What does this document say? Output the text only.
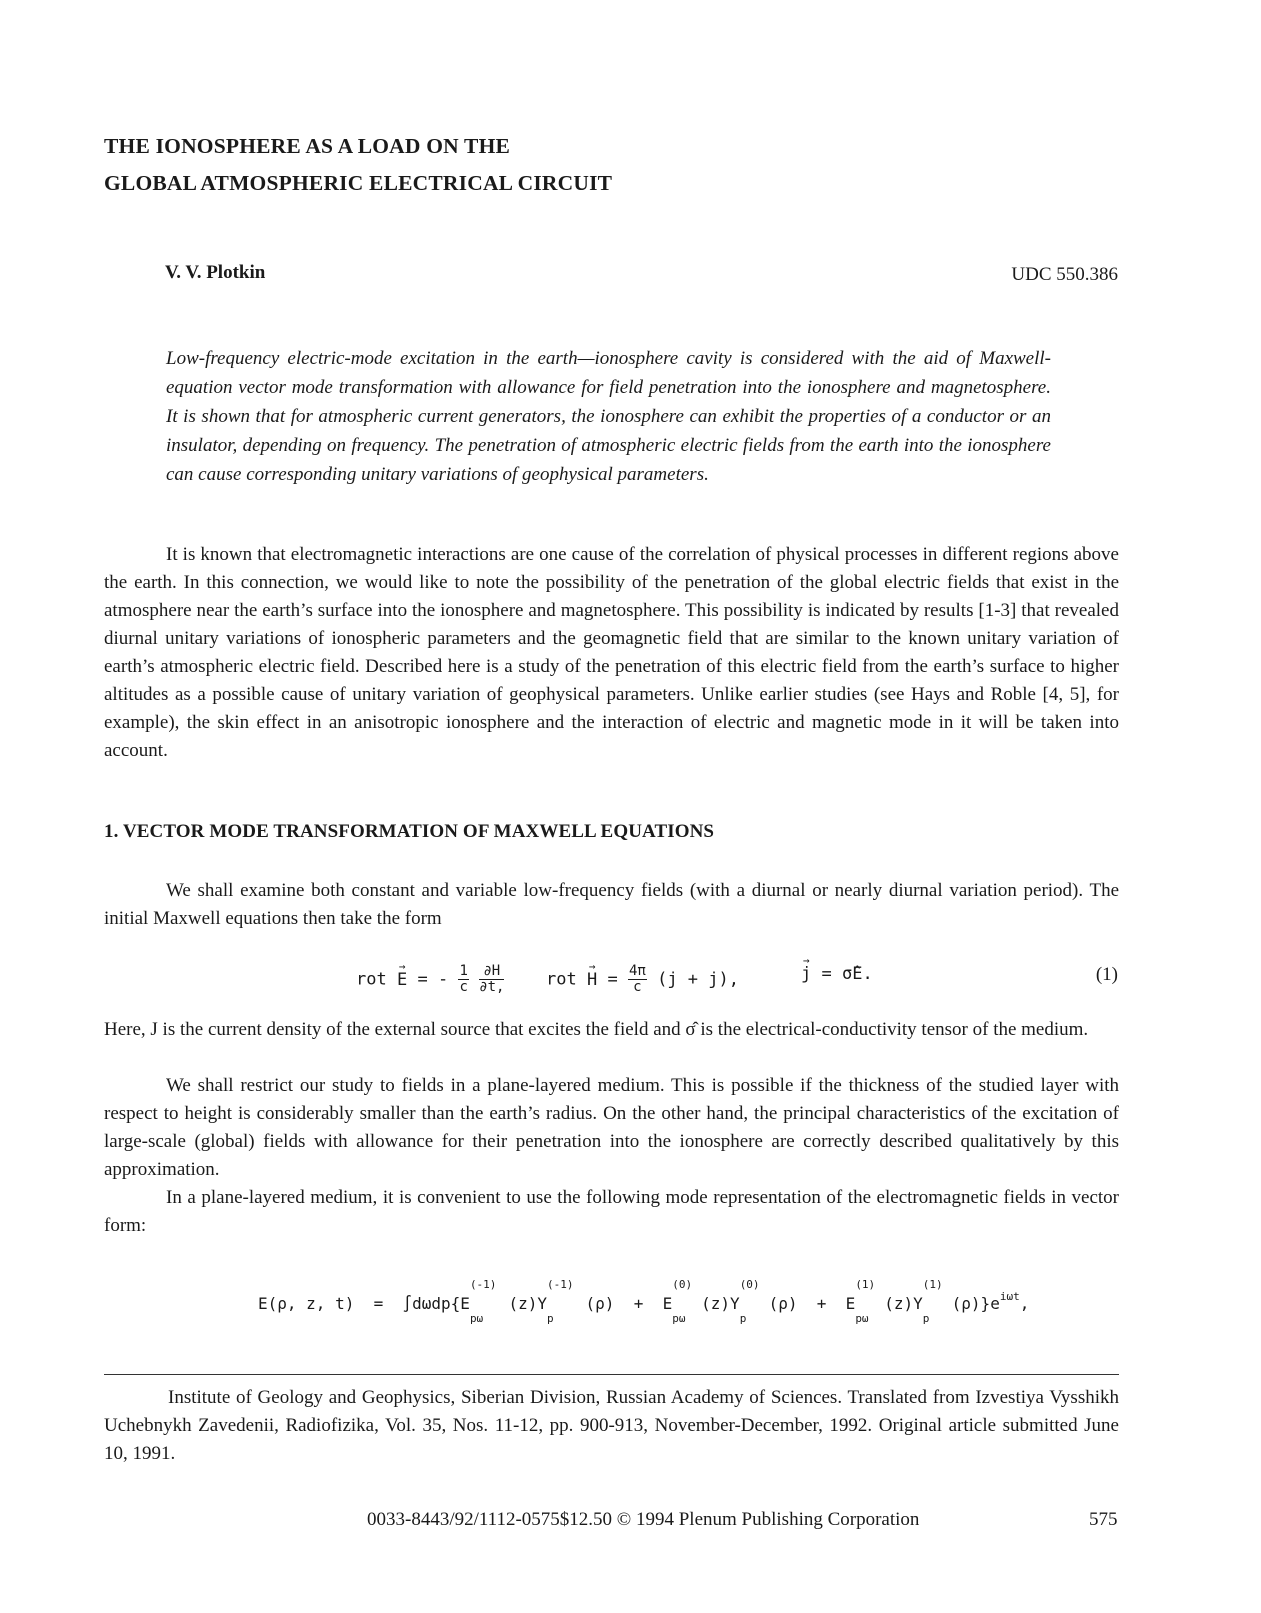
THE IONOSPHERE AS A LOAD ON THE
GLOBAL ATMOSPHERIC ELECTRICAL CIRCUIT
V. V. Plotkin	UDC 550.386
Low-frequency electric-mode excitation in the earth—ionosphere cavity is considered with the aid of Maxwell-equation vector mode transformation with allowance for field penetration into the ionosphere and magnetosphere. It is shown that for atmospheric current generators, the ionosphere can exhibit the properties of a conductor or an insulator, depending on frequency. The penetration of atmospheric electric fields from the earth into the ionosphere can cause corresponding unitary variations of geophysical parameters.
It is known that electromagnetic interactions are one cause of the correlation of physical processes in different regions above the earth. In this connection, we would like to note the possibility of the penetration of the global electric fields that exist in the atmosphere near the earth’s surface into the ionosphere and magnetosphere. This possibility is indicated by results [1-3] that revealed diurnal unitary variations of ionospheric parameters and the geomagnetic field that are similar to the known unitary variation of earth’s atmospheric electric field. Described here is a study of the penetration of this electric field from the earth’s surface to higher altitudes as a possible cause of unitary variation of geophysical parameters. Unlike earlier studies (see Hays and Roble [4, 5], for example), the skin effect in an anisotropic ionosphere and the interaction of electric and magnetic mode in it will be taken into account.
1. VECTOR MODE TRANSFORMATION OF MAXWELL EQUATIONS
We shall examine both constant and variable low-frequency fields (with a diurnal or nearly diurnal variation period). The initial Maxwell equations then take the form
rot → E = - $\frac{1}{c}$
$\frac{\partial H}{\partial t,}$ rot → $H = \frac{4\pi}{c} (j + j)$,	→ j = σ̂E.	(1)
Here, J is the current density of the external source that excites the field and σ̂ is the electrical-conductivity tensor of the medium.
We shall restrict our study to fields in a plane-layered medium. This is possible if the thickness of the studied layer with respect to height is considerably smaller than the earth’s radius. On the other hand, the principal characteristics of the excitation of large-scale (global) fields with allowance for their penetration into the ionosphere are correctly described qualitatively by this approximation.
In a plane-layered medium, it is convenient to use the following mode representation of the electromagnetic fields in vector form:
E(ρ, z, t) = ∫dωdp{E
(-1)
pω
(z)Y
(-1)
p
(ρ) + E
(0)
pω
(z)Y
(0)
p
(ρ) + E
(1)
pω
(z)Y
(1)
p
$(\rho)\}e^{i\omega t}$,
Institute of Geology and Geophysics, Siberian Division, Russian Academy of Sciences. Translated from Izvestiya Vysshikh Uchebnykh Zavedenii, Radiofizika, Vol. 35, Nos. 11-12, pp. 900-913, November-December, 1992. Original article submitted June 10, 1991.
0033-8443/92/1112-0575$12.50 © 1994 Plenum Publishing Corporation	575
